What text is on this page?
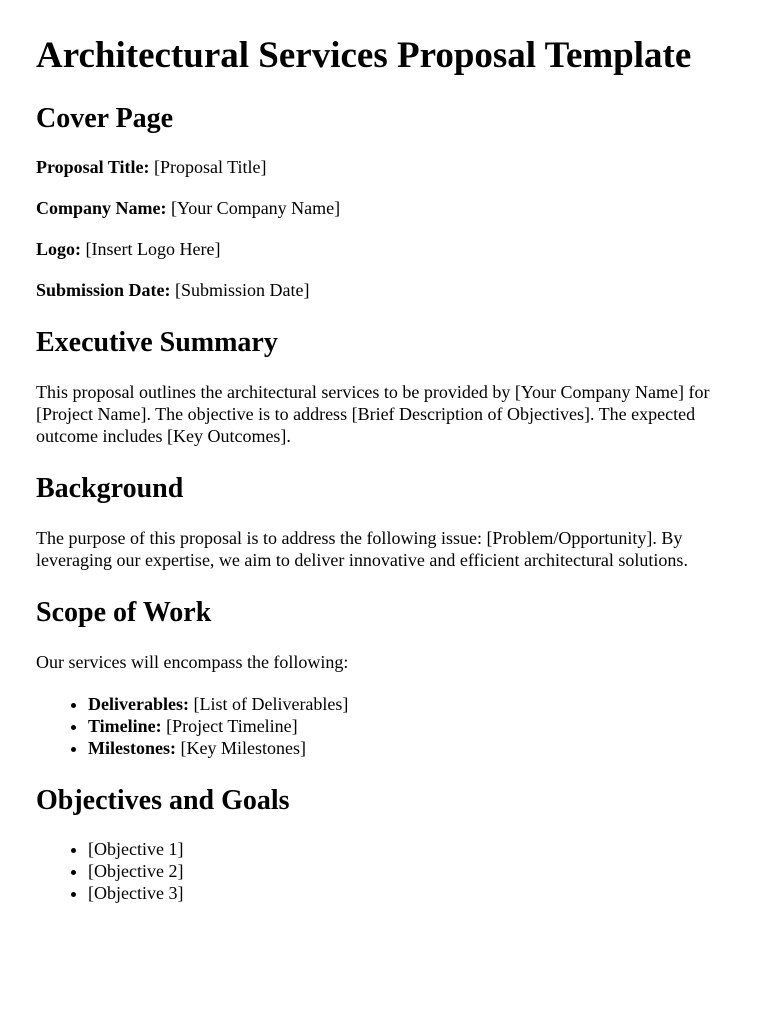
Architectural Services Proposal Template
Cover Page

Proposal Title: [Proposal Title]

Company Name: [Your Company Name]

Logo: [Insert Logo Here]

Submission Date: [Submission Date]

Executive Summary

This proposal outlines the architectural services to be provided by [Your Company Name] for [Project Name]. The objective is to address [Brief Description of Objectives]. The expected outcome includes [Key Outcomes].

Background

The purpose of this proposal is to address the following issue: [Problem/Opportunity]. By leveraging our expertise, we aim to deliver innovative and efficient architectural solutions.

Scope of Work

Our services will encompass the following:

• Deliverables: [List of Deliverables]
• Timeline: [Project Timeline]
• Milestones: [Key Milestones]
Objectives and Goals
• [Objective 1]
• [Objective 2]
• [Objective 3]
